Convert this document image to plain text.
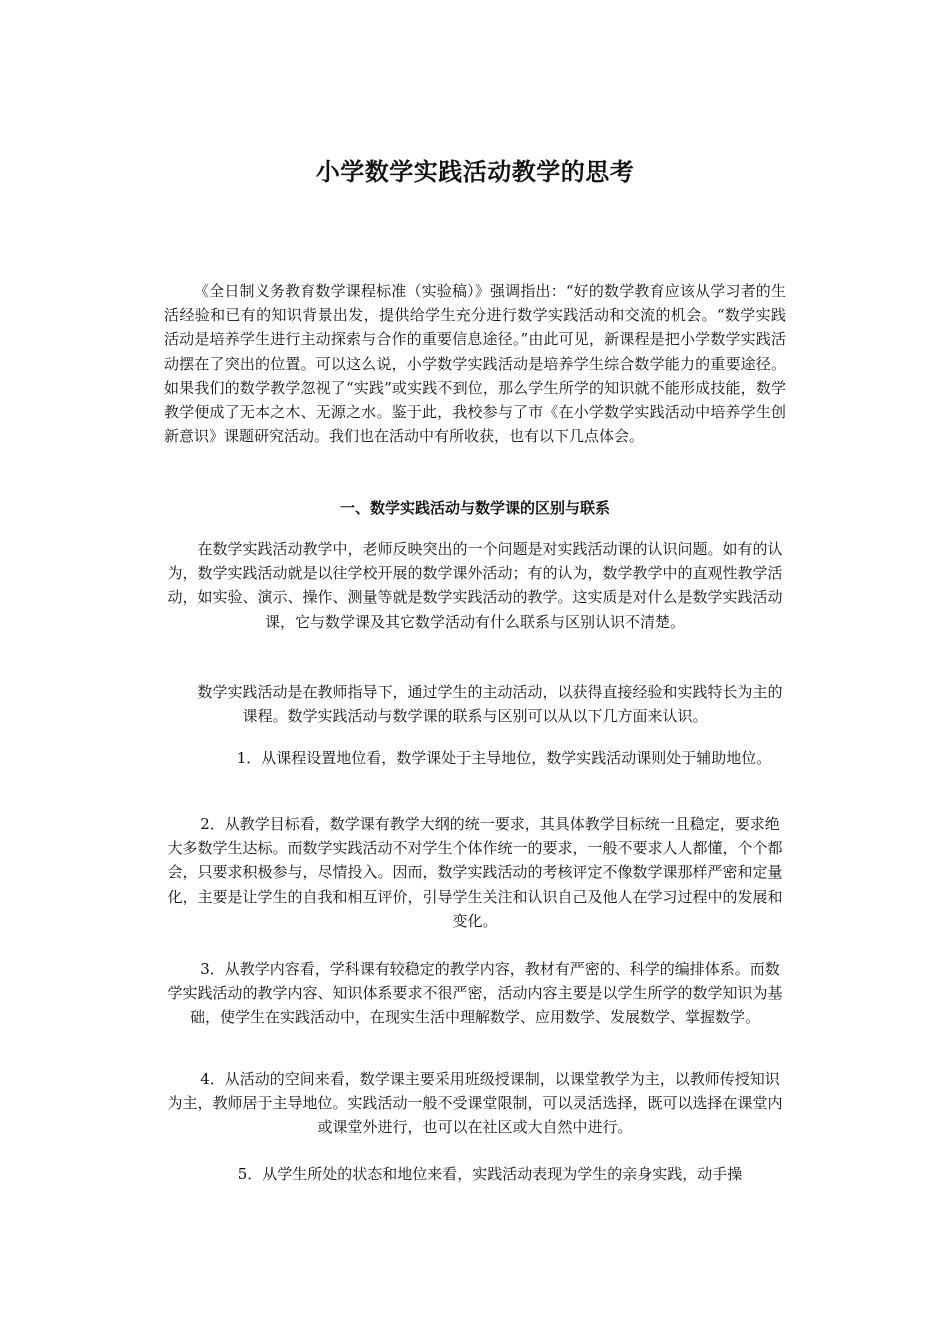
小学数学实践活动教学的思考

《全日制义务教育数学课程标准（实验稿）》强调指出：“好的数学教育应该从学习者的生活经验和已有的知识背景出发，提供给学生充分进行数学实践活动和交流的机会。“数学实践活动是培养学生进行主动探索与合作的重要信息途径。”由此可见，新课程是把小学数学实践活动摆在了突出的位置。可以这么说，小学数学实践活动是培养学生综合数学能力的重要途径。如果我们的数学教学忽视了“实践”或实践不到位，那么学生所学的知识就不能形成技能，数学教学便成了无本之木、无源之水。鉴于此，我校参与了市《在小学数学实践活动中培养学生创新意识》课题研究活动。我们也在活动中有所收获，也有以下几点体会。

一、数学实践活动与数学课的区别与联系

在数学实践活动教学中，老师反映突出的一个问题是对实践活动课的认识问题。如有的认为，数学实践活动就是以往学校开展的数学课外活动；有的认为，数学教学中的直观性教学活动，如实验、演示、操作、测量等就是数学实践活动的教学。这实质是对什么是数学实践活动课，它与数学课及其它数学活动有什么联系与区别认识不清楚。

数学实践活动是在教师指导下，通过学生的主动活动，以获得直接经验和实践特长为主的课程。数学实践活动与数学课的联系与区别可以从以下几方面来认识。

1．从课程设置地位看，数学课处于主导地位，数学实践活动课则处于辅助地位。

2．从教学目标看，数学课有教学大纲的统一要求，其具体教学目标统一且稳定，要求绝大多数学生达标。而数学实践活动不对学生个体作统一的要求，一般不要求人人都懂，个个都会，只要求积极参与，尽情投入。因而，数学实践活动的考核评定不像数学课那样严密和定量化，主要是让学生的自我和相互评价，引导学生关注和认识自己及他人在学习过程中的发展和变化。

3．从教学内容看，学科课有较稳定的教学内容，教材有严密的、科学的编排体系。而数学实践活动的教学内容、知识体系要求不很严密，活动内容主要是以学生所学的数学知识为基础，使学生在实践活动中，在现实生活中理解数学、应用数学、发展数学、掌握数学。

4．从活动的空间来看，数学课主要采用班级授课制，以课堂教学为主，以教师传授知识为主，教师居于主导地位。实践活动一般不受课堂限制，可以灵活选择，既可以选择在课堂内或课堂外进行，也可以在社区或大自然中进行。

5．从学生所处的状态和地位来看，实践活动表现为学生的亲身实践，动手操
